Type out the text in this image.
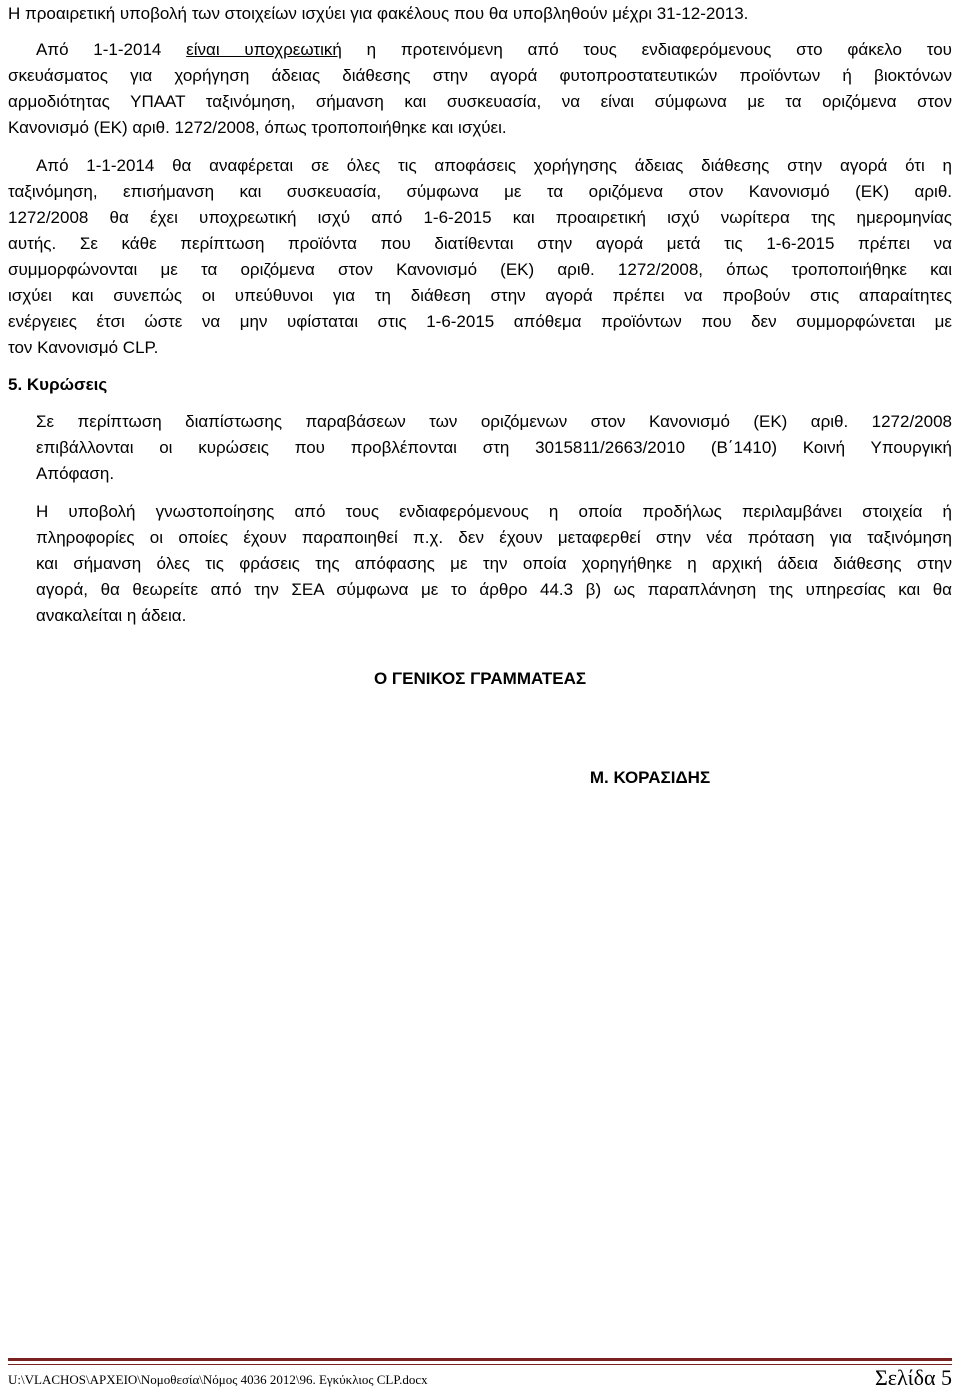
Η προαιρετική υποβολή των στοιχείων ισχύει για φακέλους που θα υποβληθούν μέχρι 31-12-2013.
Από 1-1-2014 είναι υποχρεωτική η προτεινόμενη από τους ενδιαφερόμενους στο φάκελο του
σκευάσματος για χορήγηση άδειας διάθεσης στην αγορά φυτοπροστατευτικών προϊόντων ή βιοκτόνων
αρμοδιότητας ΥΠΑΑΤ ταξινόμηση, σήμανση και συσκευασία, να είναι σύμφωνα με τα οριζόμενα στον
Κανονισμό (ΕΚ) αριθ. 1272/2008, όπως τροποποιήθηκε και ισχύει.
Από 1-1-2014 θα αναφέρεται σε όλες τις αποφάσεις χορήγησης άδειας διάθεσης στην αγορά ότι η
ταξινόμηση, επισήμανση και συσκευασία, σύμφωνα με τα οριζόμενα στον Κανονισμό (ΕΚ) αριθ.
1272/2008 θα έχει υποχρεωτική ισχύ από 1-6-2015 και προαιρετική ισχύ νωρίτερα της ημερομηνίας
αυτής. Σε κάθε περίπτωση προϊόντα που διατίθενται στην αγορά μετά τις 1-6-2015 πρέπει να
συμμορφώνονται με τα οριζόμενα στον Κανονισμό (ΕΚ) αριθ. 1272/2008, όπως τροποποιήθηκε και
ισχύει και συνεπώς οι υπεύθυνοι για τη διάθεση στην αγορά πρέπει να προβούν στις απαραίτητες
ενέργειες έτσι ώστε να μην υφίσταται στις 1-6-2015 απόθεμα προϊόντων που δεν συμμορφώνεται με
τον Κανονισμό CLP.
5. Κυρώσεις
Σε περίπτωση διαπίστωσης παραβάσεων των οριζόμενων στον Κανονισμό (ΕΚ) αριθ. 1272/2008
επιβάλλονται οι κυρώσεις που προβλέπονται στη 3015811/2663/2010 (Β΄1410) Κοινή Υπουργική
Απόφαση.
Η υποβολή γνωστοποίησης από τους ενδιαφερόμενους η οποία προδήλως περιλαμβάνει στοιχεία ή
πληροφορίες οι οποίες έχουν παραποιηθεί π.χ. δεν έχουν μεταφερθεί στην νέα πρόταση για ταξινόμηση
και σήμανση όλες τις φράσεις της απόφασης με την οποία χορηγήθηκε η αρχική άδεια διάθεσης στην
αγορά, θα θεωρείτε από την ΣΕΑ σύμφωνα με το άρθρο 44.3 β) ως παραπλάνηση της υπηρεσίας και θα
ανακαλείται η άδεια.
Ο ΓΕΝΙΚΟΣ ΓΡΑΜΜΑΤΕΑΣ
Μ. ΚΟΡΑΣΙΔΗΣ
U:\VLACHOS\ΑΡΧΕΙΟ\Νομοθεσία\Νόμος 4036 2012\96. Εγκύκλιος CLP.docx	Σελίδα 5
